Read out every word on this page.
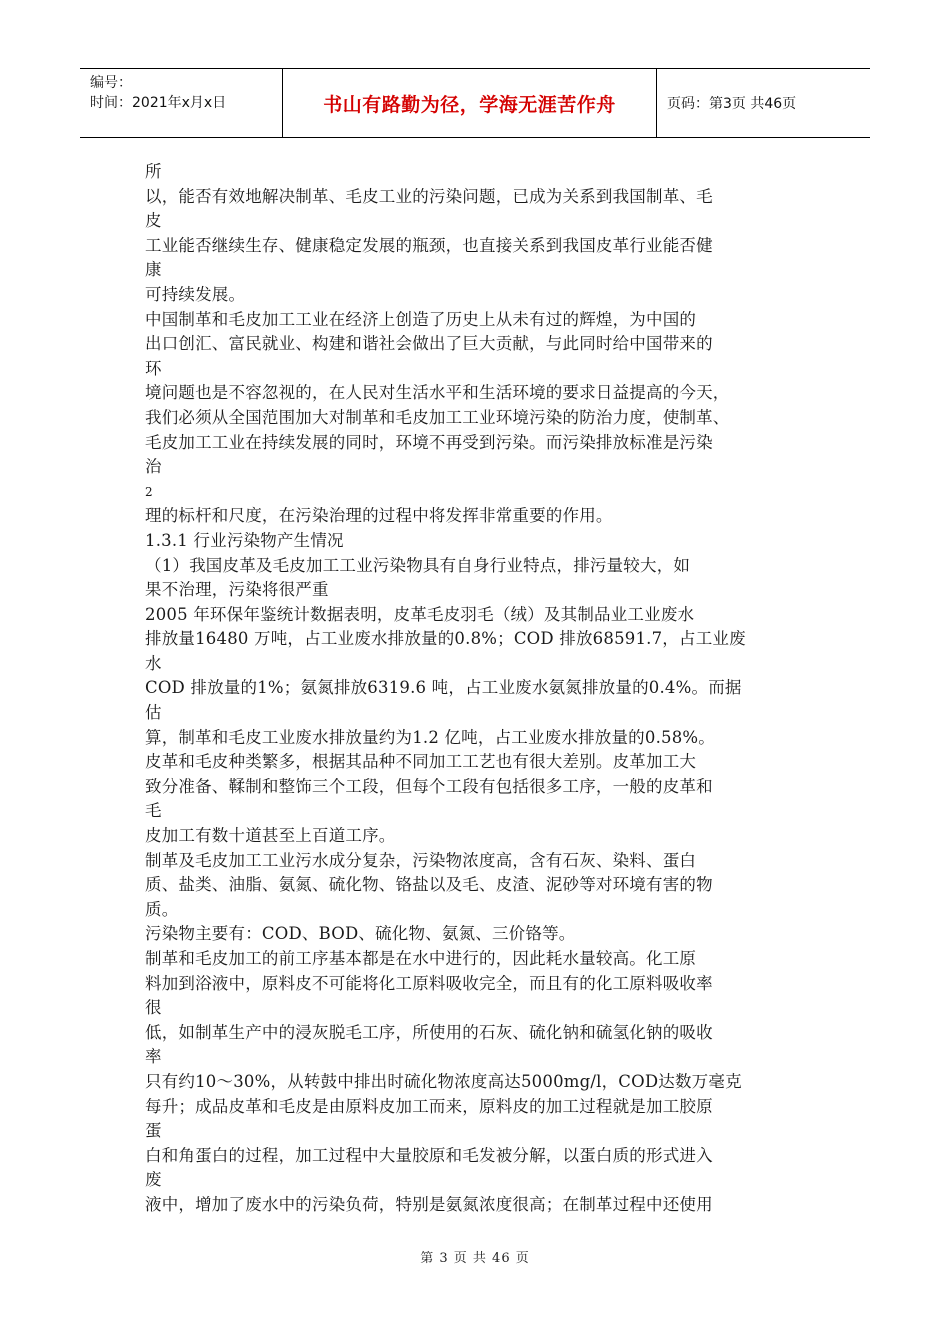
编号：
时间：2021年x月x日	书山有路勤为径，学海无涯苦作舟	页码：第3页 共46页
所
以，能否有效地解决制革、毛皮工业的污染问题，已成为关系到我国制革、毛
皮
工业能否继续生存、健康稳定发展的瓶颈，也直接关系到我国皮革行业能否健
康
可持续发展。
中国制革和毛皮加工工业在经济上创造了历史上从未有过的辉煌，为中国的
出口创汇、富民就业、构建和谐社会做出了巨大贡献，与此同时给中国带来的
环
境问题也是不容忽视的，在人民对生活水平和生活环境的要求日益提高的今天，
我们必须从全国范围加大对制革和毛皮加工工业环境污染的防治力度，使制革、
毛皮加工工业在持续发展的同时，环境不再受到污染。而污染排放标准是污染
治
2
理的标杆和尺度，在污染治理的过程中将发挥非常重要的作用。
1.3.1 行业污染物产生情况
（1）我国皮革及毛皮加工工业污染物具有自身行业特点，排污量较大，如
果不治理，污染将很严重
2005 年环保年鉴统计数据表明，皮革毛皮羽毛（绒）及其制品业工业废水
排放量16480 万吨，占工业废水排放量的0.8%；COD 排放68591.7，占工业废
水
COD 排放量的1%；氨氮排放6319.6 吨，占工业废水氨氮排放量的0.4%。而据
估
算，制革和毛皮工业废水排放量约为1.2 亿吨，占工业废水排放量的0.58%。
皮革和毛皮种类繁多，根据其品种不同加工工艺也有很大差别。皮革加工大
致分准备、鞣制和整饰三个工段，但每个工段有包括很多工序，一般的皮革和
毛
皮加工有数十道甚至上百道工序。
制革及毛皮加工工业污水成分复杂，污染物浓度高，含有石灰、染料、蛋白
质、盐类、油脂、氨氮、硫化物、铬盐以及毛、皮渣、泥砂等对环境有害的物
质。
污染物主要有：COD、BOD、硫化物、氨氮、三价铬等。
制革和毛皮加工的前工序基本都是在水中进行的，因此耗水量较高。化工原
料加到浴液中，原料皮不可能将化工原料吸收完全，而且有的化工原料吸收率
很
低，如制革生产中的浸灰脱毛工序，所使用的石灰、硫化钠和硫氢化钠的吸收
率
只有约10～30%，从转鼓中排出时硫化物浓度高达5000mg/l，COD达数万毫克
每升；成品皮革和毛皮是由原料皮加工而来，原料皮的加工过程就是加工胶原
蛋
白和角蛋白的过程，加工过程中大量胶原和毛发被分解，以蛋白质的形式进入
废
液中，增加了废水中的污染负荷，特别是氨氮浓度很高；在制革过程中还使用
第 3 页 共 46 页
